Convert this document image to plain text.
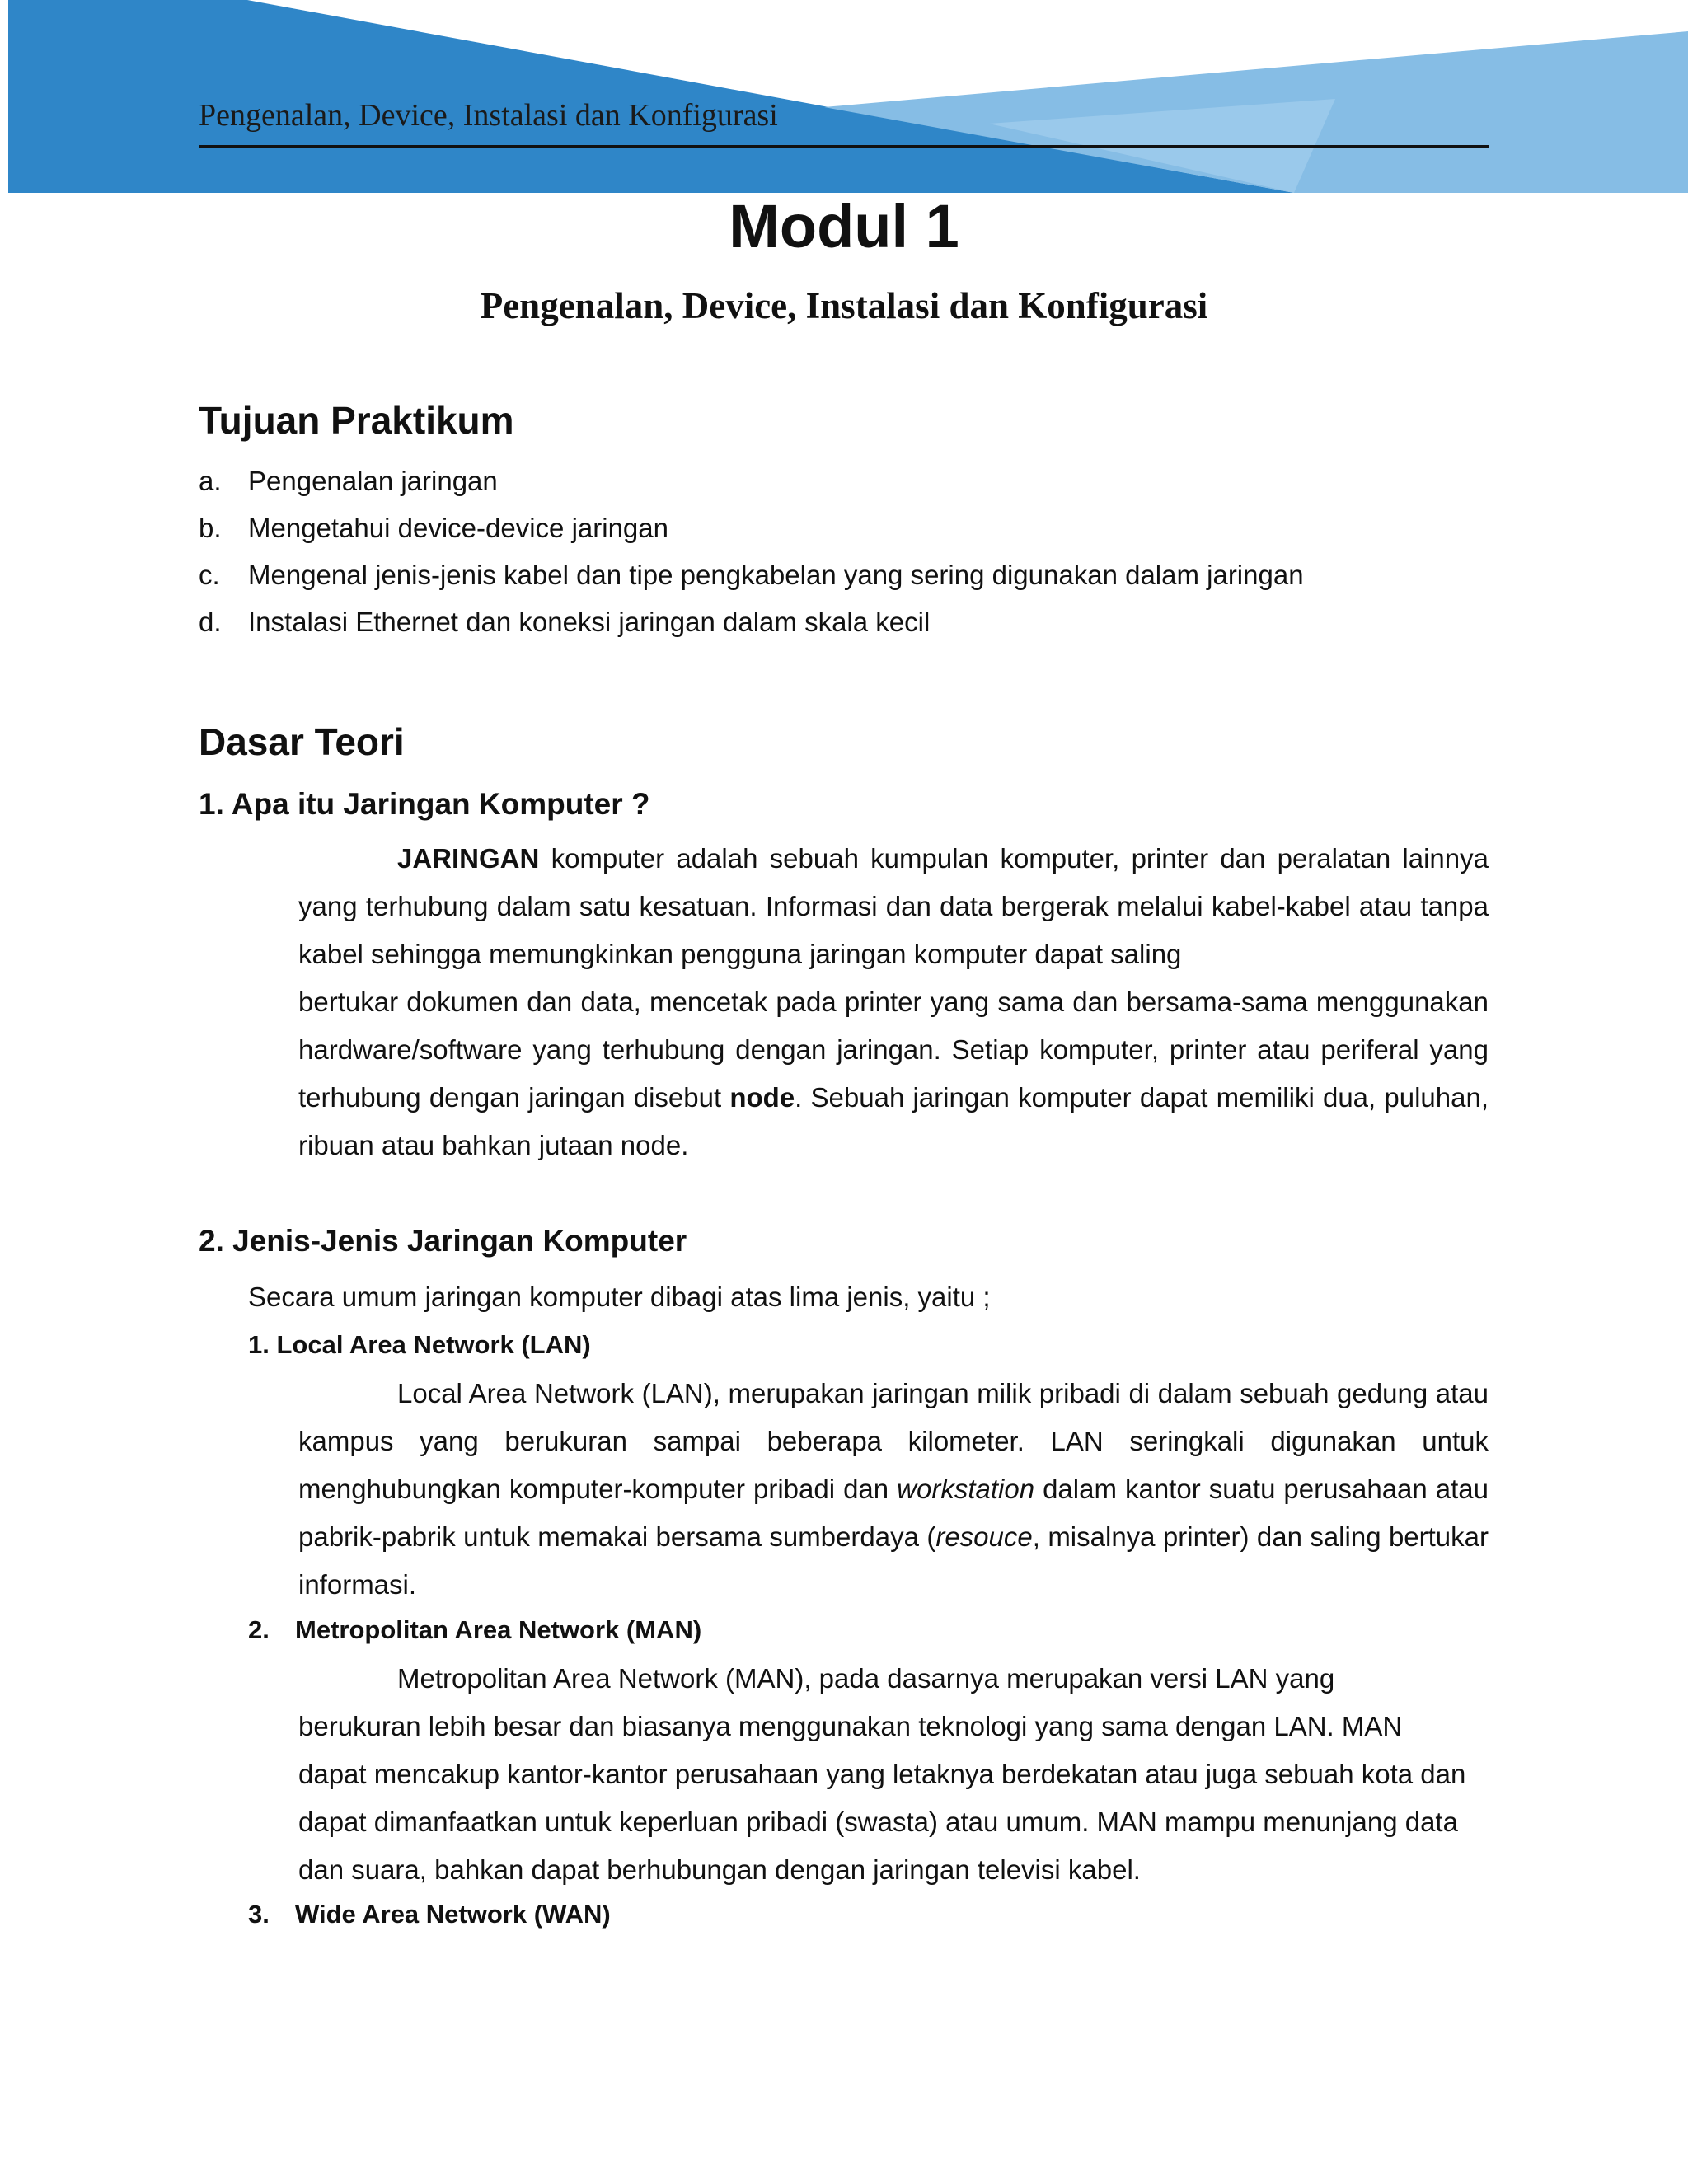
Pengenalan, Device, Instalasi dan Konfigurasi
Modul 1
Pengenalan, Device, Instalasi dan Konfigurasi
Tujuan Praktikum
a. Pengenalan jaringan
b. Mengetahui device-device jaringan
c. Mengenal jenis-jenis kabel dan tipe pengkabelan yang sering digunakan dalam jaringan
d. Instalasi Ethernet dan koneksi jaringan dalam skala kecil
Dasar Teori
1. Apa itu Jaringan Komputer ?
JARINGAN komputer adalah sebuah kumpulan komputer, printer dan peralatan lainnya yang terhubung dalam satu kesatuan. Informasi dan data bergerak melalui kabel-kabel atau tanpa kabel sehingga memungkinkan pengguna jaringan komputer dapat saling
bertukar dokumen dan data, mencetak pada printer yang sama dan bersama-sama menggunakan hardware/software yang terhubung dengan jaringan. Setiap komputer, printer atau periferal yang terhubung dengan jaringan disebut node. Sebuah jaringan komputer dapat memiliki dua, puluhan, ribuan atau bahkan jutaan node.
2. Jenis-Jenis Jaringan Komputer
Secara umum jaringan komputer dibagi atas lima jenis, yaitu ;
1. Local Area Network (LAN)
Local Area Network (LAN), merupakan jaringan milik pribadi di dalam sebuah gedung atau kampus yang berukuran sampai beberapa kilometer. LAN seringkali digunakan untuk menghubungkan komputer-komputer pribadi dan workstation dalam kantor suatu perusahaan atau pabrik-pabrik untuk memakai bersama sumberdaya (resouce, misalnya printer) dan saling bertukar informasi.
2. Metropolitan Area Network (MAN)
Metropolitan Area Network (MAN), pada dasarnya merupakan versi LAN yang
berukuran lebih besar dan biasanya menggunakan teknologi yang sama dengan LAN. MAN
dapat mencakup kantor-kantor perusahaan yang letaknya berdekatan atau juga sebuah kota dan
dapat dimanfaatkan untuk keperluan pribadi (swasta) atau umum. MAN mampu menunjang data
dan suara, bahkan dapat berhubungan dengan jaringan televisi kabel.
3. Wide Area Network (WAN)
